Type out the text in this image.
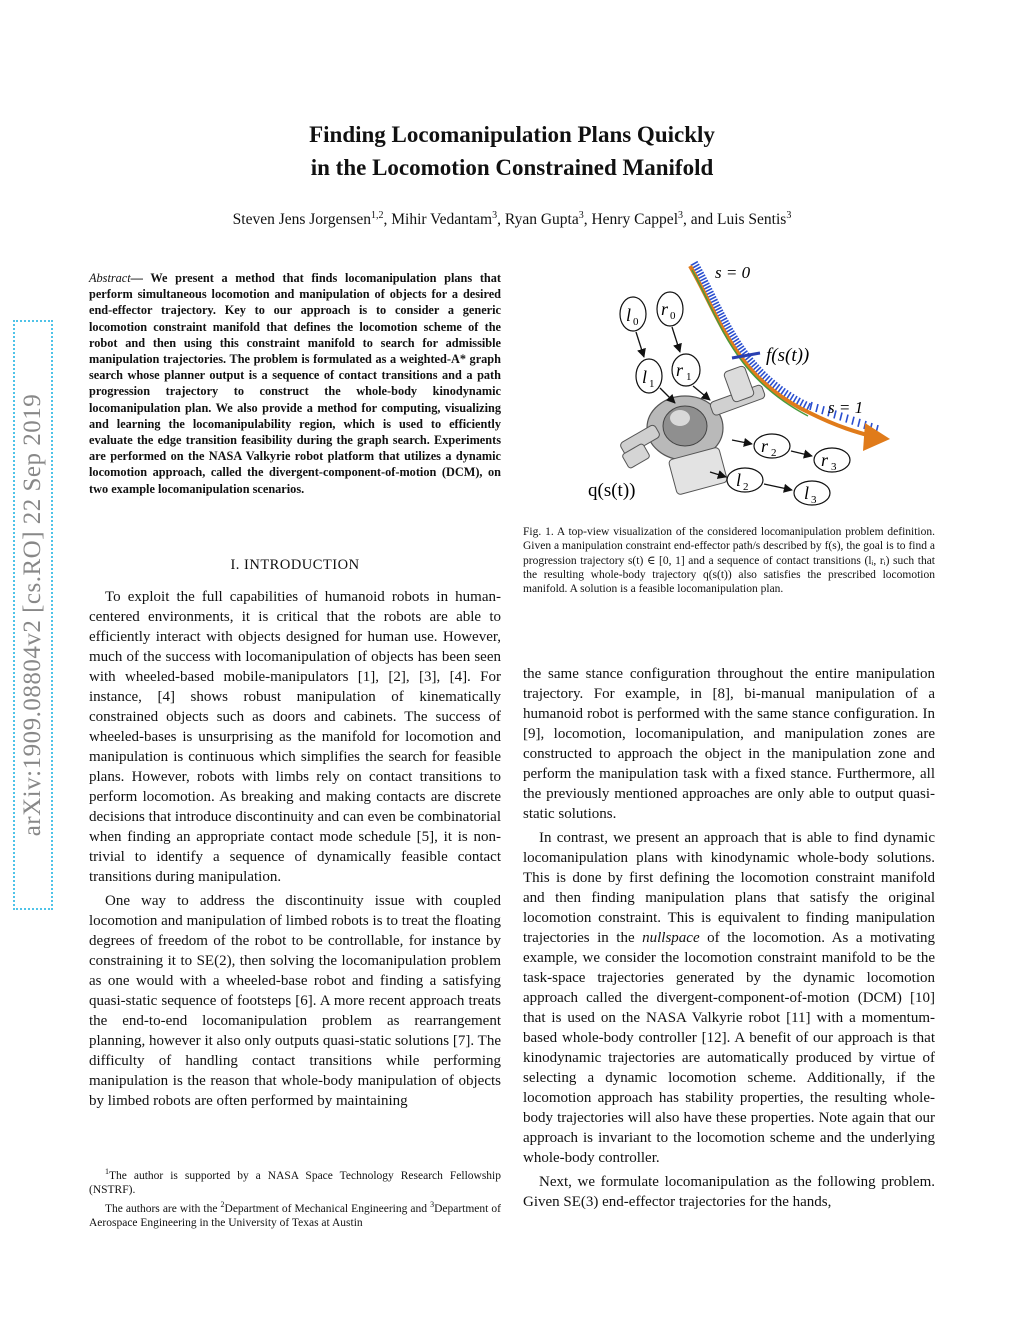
Finding Locomanipulation Plans Quickly
in the Locomotion Constrained Manifold
Steven Jens Jorgensen$^{1,2}$, Mihir Vedantam$^3$, Ryan Gupta$^3$, Henry Cappel$^3$, and Luis Sentis$^3$
arXiv:1909.08804v2 [cs.RO] 22 Sep 2019
Abstract— We present a method that finds locomanipulation plans that perform simultaneous locomotion and manipulation of objects for a desired end-effector trajectory. Key to our approach is to consider a generic locomotion constraint manifold that defines the locomotion scheme of the robot and then using this constraint manifold to search for admissible manipulation trajectories. The problem is formulated as a weighted-A* graph search whose planner output is a sequence of contact transitions and a path progression trajectory to construct the whole-body kinodynamic locomanipulation plan. We also provide a method for computing, visualizing and learning the locomanipulability region, which is used to efficiently evaluate the edge transition feasibility during the graph search. Experiments are performed on the NASA Valkyrie robot platform that utilizes a dynamic locomotion approach, called the divergent-component-of-motion (DCM), on two example locomanipulation scenarios.
I. INTRODUCTION

To exploit the full capabilities of humanoid robots in human-centered environments, it is critical that the robots are able to efficiently interact with objects designed for human use. However, much of the success with locomanipulation of objects has been seen with wheeled-based mobile-manipulators [1], [2], [3], [4]. For instance, [4] shows robust manipulation of kinematically constrained objects such as doors and cabinets. The success of wheeled-bases is unsurprising as the manifold for locomotion and manipulation is continuous which simplifies the search for feasible plans. However, robots with limbs rely on contact transitions to perform locomotion. As breaking and making contacts are discrete decisions that introduce discontinuity and can even be combinatorial when finding an appropriate contact mode schedule [5], it is non-trivial to identify a sequence of dynamically feasible contact transitions during manipulation.

One way to address the discontinuity issue with coupled locomotion and manipulation of limbed robots is to treat the floating degrees of freedom of the robot to be controllable, for instance by constraining it to SE(2), then solving the locomanipulation problem as one would with a wheeled-base robot and finding a satisfying quasi-static sequence of footsteps [6]. A more recent approach treats the end-to-end locomanipulation problem as rearrangement planning, however it also only outputs quasi-static solutions [7]. The difficulty of handling contact transitions while performing manipulation is the reason that whole-body manipulation of objects by limbed robots are often performed by maintaining

$^1$The author is supported by a NASA Space Technology Research Fellowship (NSTRF).

The authors are with the $^2$Department of Mechanical Engineering and $^3$Department of Aerospace Engineering in the University of Texas at Austin

s = 0
s = 1
f(s(t))
q(s(t))
l 0
r 0
l 1
r 1
r 2 r 3
l 2	l 3
Fig. 1. A top-view visualization of the considered locomanipulation problem definition. Given a manipulation constraint end-effector path/s described by f(s), the goal is to find a progression trajectory s(t) ∈ [0, 1] and a sequence of contact transitions (lᵢ, rᵢ) such that the resulting whole-body trajectory q(s(t)) also satisfies the prescribed locomotion manifold. A solution is a feasible locomanipulation plan.

the same stance configuration throughout the entire manipulation trajectory. For example, in [8], bi-manual manipulation of a humanoid robot is performed with the same stance configuration. In [9], locomotion, locomanipulation, and manipulation zones are constructed to approach the object in the manipulation zone and perform the manipulation task with a fixed stance. Furthermore, all the previously mentioned approaches are only able to output quasi-static solutions.

In contrast, we present an approach that is able to find dynamic locomanipulation plans with kinodynamic whole-body solutions. This is done by first defining the locomotion constraint manifold and then finding manipulation plans that satisfy the original locomotion constraint. This is equivalent to finding manipulation trajectories in the nullspace of the locomotion. As a motivating example, we consider the locomotion constraint manifold to be the task-space trajectories generated by the dynamic locomotion approach called the divergent-component-of-motion (DCM) [10] that is used on the NASA Valkyrie robot [11] with a momentum-based whole-body controller [12]. A benefit of our approach is that kinodynamic trajectories are automatically produced by virtue of selecting a dynamic locomotion scheme. Additionally, if the locomotion approach has stability properties, the resulting whole-body trajectories will also have these properties. Note again that our approach is invariant to the locomotion scheme and the underlying whole-body controller.

Next, we formulate locomanipulation as the following problem. Given SE(3) end-effector trajectories for the hands,
